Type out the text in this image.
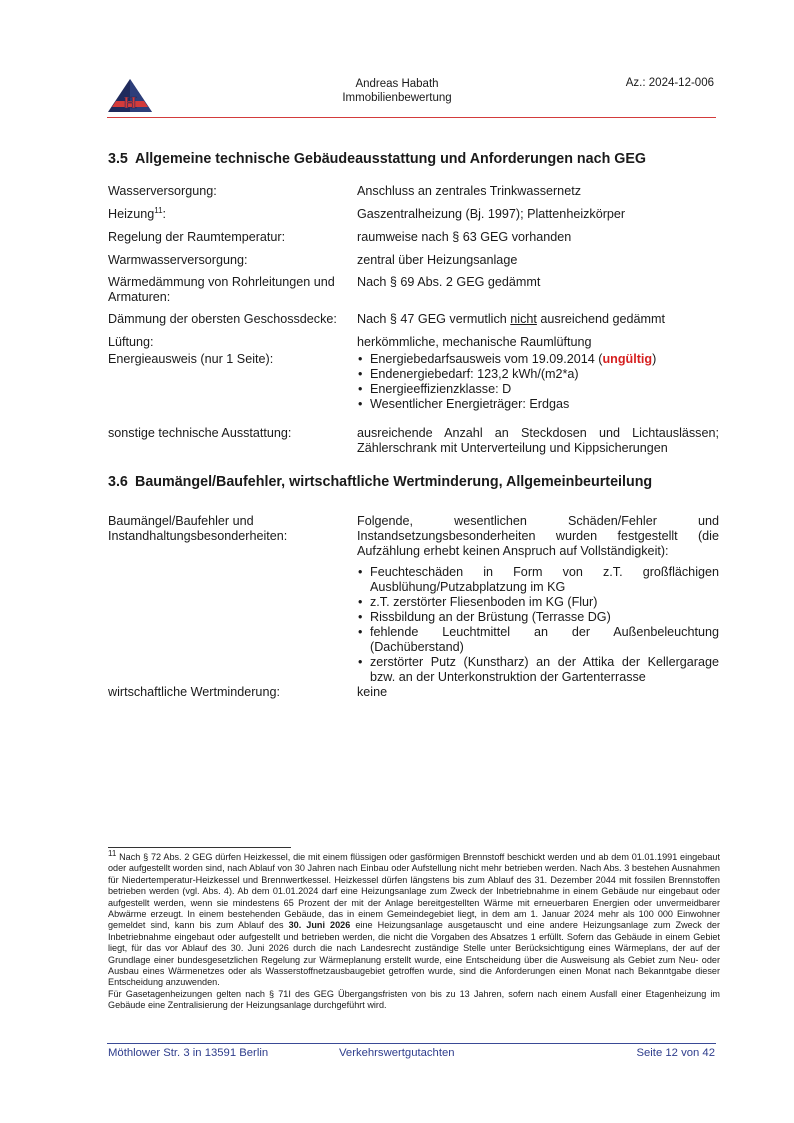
H
Andreas Habath
Immobilienbewertung
Az.: 2024-12-006
3.5 Allgemeine technische Gebäudeausstattung und Anforderungen nach GEG
Wasserversorgung:	Anschluss an zentrales Trinkwassernetz
Heizung$^{11}$:	Gaszentralheizung (Bj. 1997); Plattenheizkörper
Regelung der Raumtemperatur:	raumweise nach § 63 GEG vorhanden
Warmwasserversorgung:	zentral über Heizungsanlage
Wärmedämmung von Rohrleitungen und Armaturen:
Nach § 69 Abs. 2 GEG gedämmt
Dämmung der obersten Geschossdecke:	Nach § 47 GEG vermutlich nicht ausreichend gedämmt
Lüftung:	herkömmliche, mechanische Raumlüftung
Energieausweis (nur 1 Seite):
•	Energiebedarfsausweis vom 19.09.2014 (ungültig)
• Endenergiebedarf: 123,2 kWh/(m2*a)
• Energieeffizienzklasse: D
• Wesentlicher Energieträger: Erdgas
sonstige technische Ausstattung:	ausreichende Anzahl an Steckdosen und Lichtauslässen; Zählerschrank mit Unterverteilung und Kippsicherungen
3.6 Baumängel/Baufehler, wirtschaftliche Wertminderung, Allgemeinbeurteilung
Baumängel/Baufehler und Instandhaltungsbesonderheiten:
Folgende, wesentlichen Schäden/Fehler und Instandsetzungsbesonderheiten wurden festgestellt (die Aufzählung erhebt keinen Anspruch auf Vollständigkeit):
• Feuchteschäden in Form von z.T. großflächigen Ausblühung/Putzabplatzung im KG
• z.T. zerstörter Fliesenboden im KG (Flur)
• Rissbildung an der Brüstung (Terrasse DG)
• fehlende Leuchtmittel an der Außenbeleuchtung (Dachüberstand)
• zerstörter Putz (Kunstharz) an der Attika der Kellergarage bzw. an der Unterkonstruktion der Gartenterrasse
wirtschaftliche Wertminderung:	keine

$^{11}$ Nach § 72 Abs. 2 GEG dürfen Heizkessel, die mit einem flüssigen oder gasförmigen Brennstoff beschickt werden und ab dem 01.01.1991 eingebaut oder aufgestellt worden sind, nach Ablauf von 30 Jahren nach Einbau oder Aufstellung nicht mehr betrieben werden. Nach Abs. 3 bestehen Ausnahmen für Niedertemperatur-Heizkessel und Brennwertkessel. Heizkessel dürfen längstens bis zum Ablauf des 31. Dezember 2044 mit fossilen Brennstoffen betrieben werden (vgl. Abs. 4). Ab dem 01.01.2024 darf eine Heizungsanlage zum Zweck der Inbetriebnahme in einem Gebäude nur eingebaut oder aufgestellt werden, wenn sie mindestens 65 Prozent der mit der Anlage bereitgestellten Wärme mit erneuerbaren Energien oder unvermeidbarer Abwärme erzeugt. In einem bestehenden Gebäude, das in einem Gemeindegebiet liegt, in dem am 1. Januar 2024 mehr als 100 000 Einwohner gemeldet sind, kann bis zum Ablauf des 30. Juni 2026 eine Heizungsanlage ausgetauscht und eine andere Heizungsanlage zum Zweck der Inbetriebnahme eingebaut oder aufgestellt und betrieben werden, die nicht die Vorgaben des Absatzes 1 erfüllt. Sofern das Gebäude in einem Gebiet liegt, für das vor Ablauf des 30. Juni 2026 durch die nach Landesrecht zuständige Stelle unter Berücksichtigung eines Wärmeplans, der auf der Grundlage einer bundesgesetzlichen Regelung zur Wärmeplanung erstellt wurde, eine Entscheidung über die Ausweisung als Gebiet zum Neu- oder Ausbau eines Wärmenetzes oder als Wasserstoffnetzausbaugebiet getroffen wurde, sind die Anforderungen einen Monat nach Bekanntgabe dieser Entscheidung anzuwenden.

Für Gasetagenheizungen gelten nach § 71I des GEG Übergangsfristen von bis zu 13 Jahren, sofern nach einem Ausfall einer Etagenheizung im Gebäude eine Zentralisierung der Heizungsanlage durchgeführt wird.

Möthlower Str. 3 in 13591 Berlin	Verkehrswertgutachten	Seite 12 von 42
